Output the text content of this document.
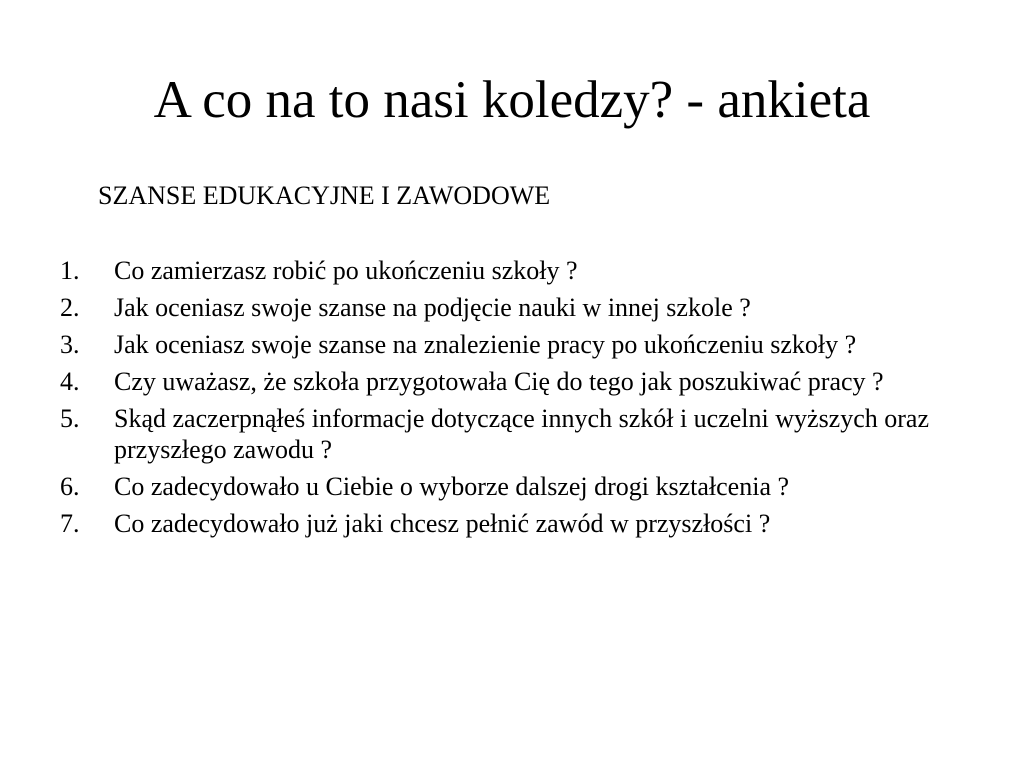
A co na to nasi koledzy? - ankieta

SZANSE EDUKACYJNE I ZAWODOWE

1.	Co zamierzasz robić po ukończeniu szkoły ?
2.	Jak oceniasz swoje szanse na podjęcie nauki w innej szkole ?
3.	Jak oceniasz swoje szanse na znalezienie pracy po ukończeniu szkoły ?
4.	Czy uważasz, że szkoła przygotowała Cię do tego jak poszukiwać pracy ?
5.	Skąd zaczerpnąłeś informacje dotyczące innych szkół i uczelni wyższych oraz przyszłego zawodu ?
6.	Co zadecydowało u Ciebie o wyborze dalszej drogi kształcenia ?
7.	Co zadecydowało już jaki chcesz pełnić zawód w przyszłości ?
